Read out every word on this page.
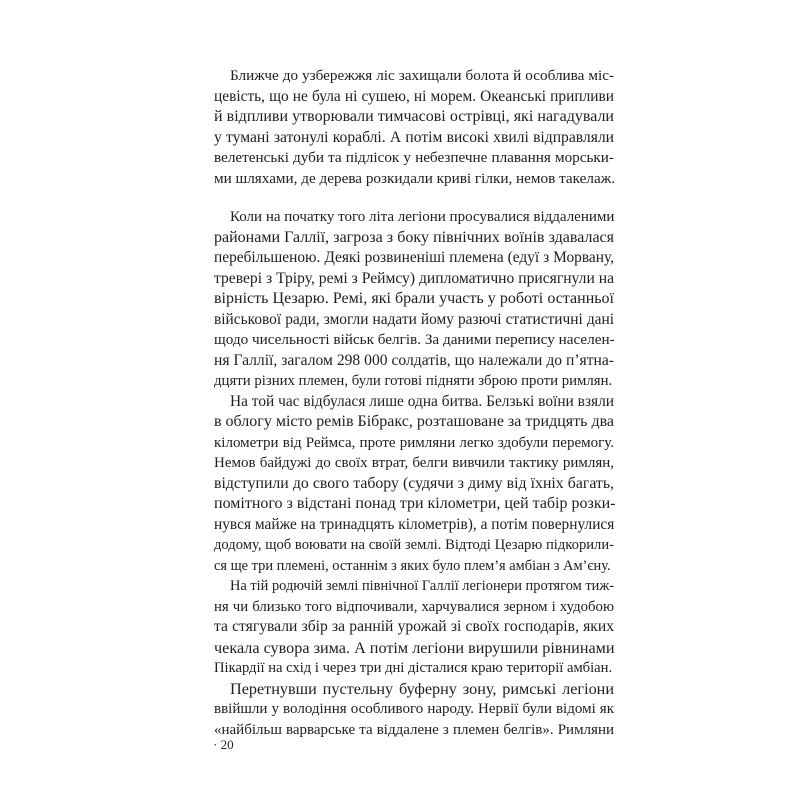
Ближче до узбережжя ліс захищали болота й особлива міс-

цевість, що не була ні сушею, ні морем. Океанські припливи

й відпливи утворювали тимчасові острівці, які нагадували

у тумані затонулі кораблі. А потім високі хвилі відправляли

велетенські дуби та підлісок у небезпечне плавання морськи-

ми шляхами, де дерева розкидали криві гілки, немов такелаж.

Коли на початку того літа легіони просувалися віддаленими

районами Галлії, загроза з боку північних воїнів здавалася

перебільшеною. Деякі розвиненіші племена (едуї з Морвану,

тревері з Тріру, ремі з Реймсу) дипломатично присягнули на

вірність Цезарю. Ремі, які брали участь у роботі останньої

військової ради, змогли надати йому разючі статистичні дані

щодо чисельності військ белгів. За даними перепису населен-

ня Галлії, загалом 298 000 солдатів, що належали до п’ятна-

дцяти різних племен, були готові підняти зброю проти римлян.

На той час відбулася лише одна битва. Белзькі воїни взяли

в облогу місто ремів Бібракс, розташоване за тридцять два

кілометри від Реймса, проте римляни легко здобули перемогу.

Немов байдужі до своїх втрат, белги вивчили тактику римлян,

відступили до свого табору (судячи з диму від їхніх багать,

помітного з відстані понад три кілометри, цей табір розки-

нувся майже на тринадцять кілометрів), а потім повернулися

додому, щоб воювати на своїй землі. Відтоді Цезарю підкорили-

ся ще три племені, останнім з яких було плем’я амбіан з Ам’єну.

На тій родючій землі північної Галлії легіонери протягом тиж-

ня чи близько того відпочивали, харчувалися зерном і худобою

та стягували збір за ранній урожай зі своїх господарів, яких

чекала сувора зима. А потім легіони вирушили рівнинами

Пікардії на схід і через три дні дісталися краю території амбіан.

Перетнувши пустельну буферну зону, римські легіони

ввійшли у володіння особливого народу. Нервії були відомі як

«найбільш варварське та віддалене з племен белгів». Римляни

· 20
